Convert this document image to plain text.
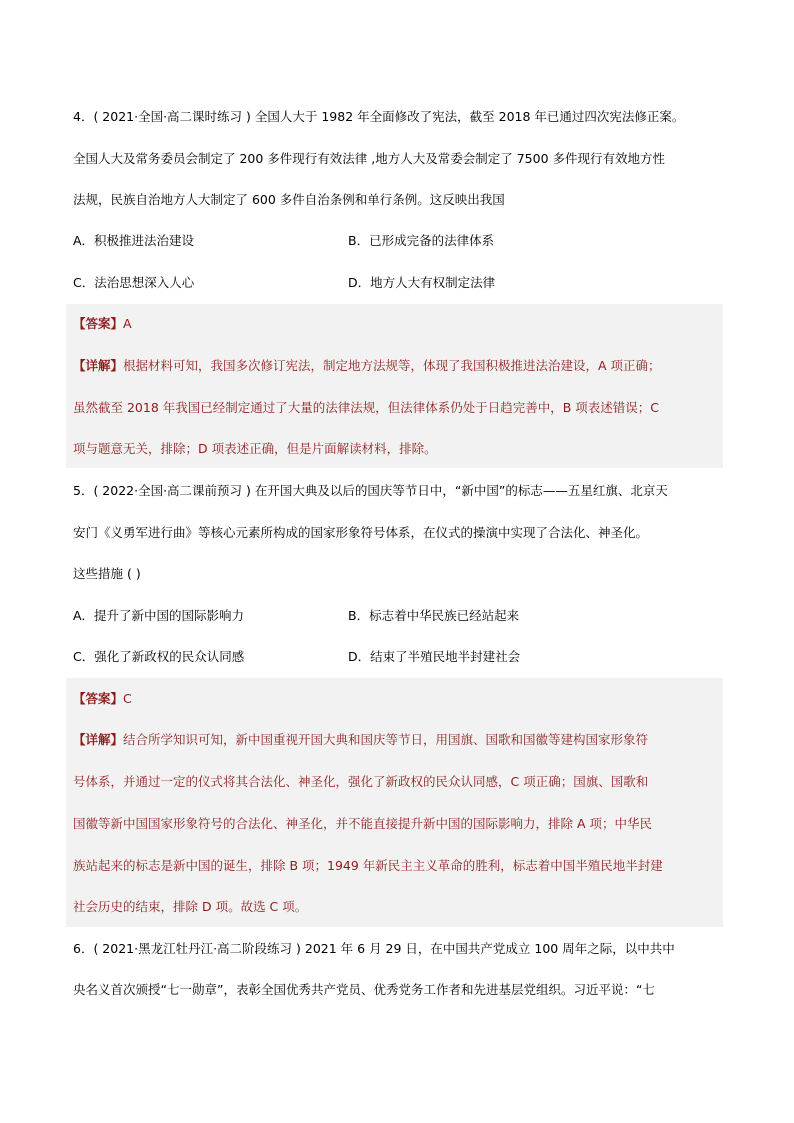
4．( 2021·全国·高二课时练习 ) 全国人大于 1982 年全面修改了宪法，截至 2018 年已通过四次宪法修正案。
全国人大及常务委员会制定了 200 多件现行有效法律 ,地方人大及常委会制定了 7500 多件现行有效地方性
法规，民族自治地方人大制定了 600 多件自治条例和单行条例。这反映出我国
A．积极推进法治建设	B．已形成完备的法律体系
C．法治思想深入人心	D．地方人大有权制定法律
【答案】A
【详解】根据材料可知，我国多次修订宪法，制定地方法规等，体现了我国积极推进法治建设，A 项正确；
虽然截至 2018 年我国已经制定通过了大量的法律法规，但法律体系仍处于日趋完善中，B 项表述错误；C
项与题意无关，排除；D 项表述正确，但是片面解读材料，排除。
5．( 2022·全国·高二课前预习 ) 在开国大典及以后的国庆等节日中，“新中国”的标志——五星红旗、北京天
安门《义勇军进行曲》等核心元素所构成的国家形象符号体系，在仪式的操演中实现了合法化、神圣化。
这些措施 ( )
A．提升了新中国的国际影响力	B．标志着中华民族已经站起来
C．强化了新政权的民众认同感	D．结束了半殖民地半封建社会
【答案】C
【详解】结合所学知识可知，新中国重视开国大典和国庆等节日，用国旗、国歌和国徽等建构国家形象符
号体系，并通过一定的仪式将其合法化、神圣化，强化了新政权的民众认同感，C 项正确；国旗、国歌和
国徽等新中国国家形象符号的合法化、神圣化，并不能直接提升新中国的国际影响力，排除 A 项；中华民
族站起来的标志是新中国的诞生，排除 B 项；1949 年新民主主义革命的胜利，标志着中国半殖民地半封建
社会历史的结束，排除 D 项。故选 C 项。
6．( 2021·黑龙江牡丹江·高二阶段练习 ) 2021 年 6 月 29 日，在中国共产党成立 100 周年之际，以中共中
央名义首次颁授“七一勋章”，表彰全国优秀共产党员、优秀党务工作者和先进基层党组织。习近平说：“七
